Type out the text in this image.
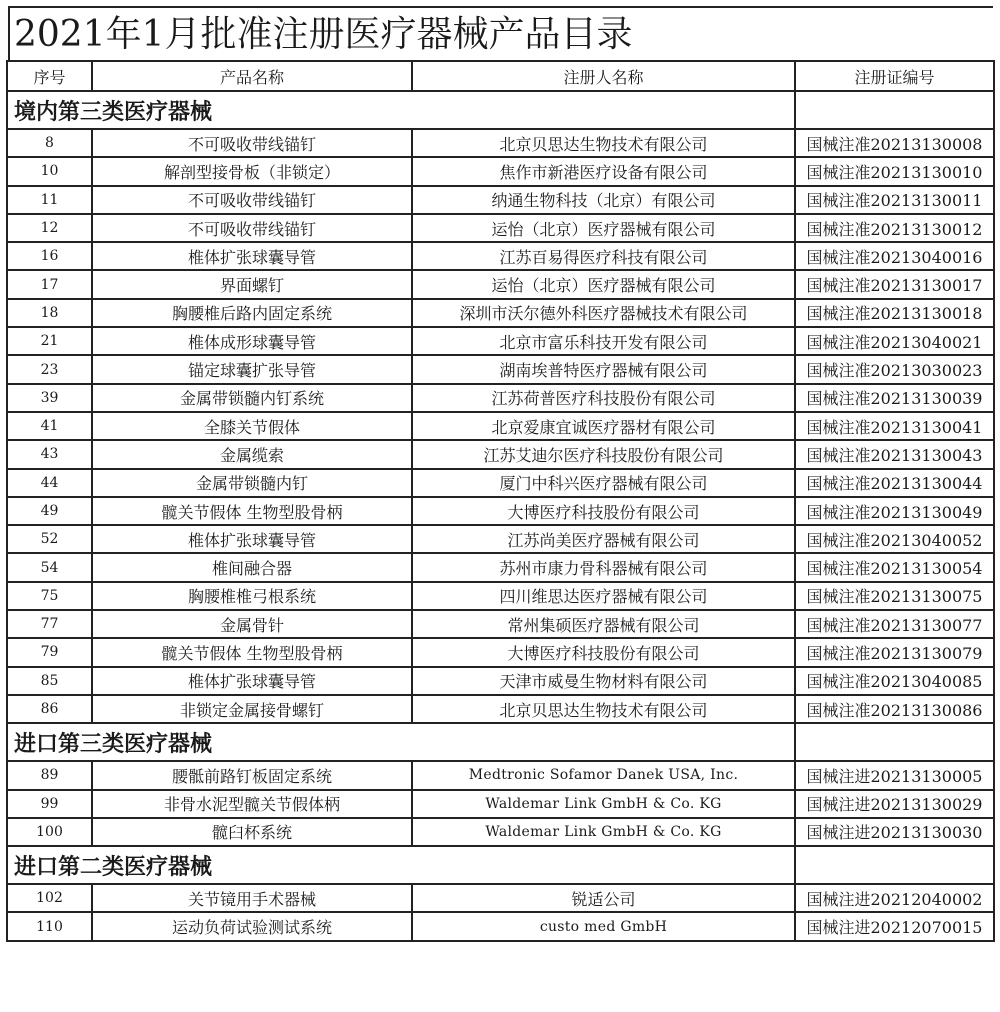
2021年1月批准注册医疗器械产品目录
序号	产品名称	注册人名称	注册证编号
境内第三类医疗器械			
8	不可吸收带线锚钉	北京贝思达生物技术有限公司	国械注准20213130008
10	解剖型接骨板（非锁定）	焦作市新港医疗设备有限公司	国械注准20213130010
11	不可吸收带线锚钉	纳通生物科技（北京）有限公司	国械注准20213130011
12	不可吸收带线锚钉	运怡（北京）医疗器械有限公司	国械注准20213130012
16	椎体扩张球囊导管	江苏百易得医疗科技有限公司	国械注准20213040016
17	界面螺钉	运怡（北京）医疗器械有限公司	国械注准20213130017
18	胸腰椎后路内固定系统	深圳市沃尔德外科医疗器械技术有限公司	国械注准20213130018
21	椎体成形球囊导管	北京市富乐科技开发有限公司	国械注准20213040021
23	锚定球囊扩张导管	湖南埃普特医疗器械有限公司	国械注准20213030023
39	金属带锁髓内钉系统	江苏荷普医疗科技股份有限公司	国械注准20213130039
41	全膝关节假体	北京爱康宜诚医疗器材有限公司	国械注准20213130041
43	金属缆索	江苏艾迪尔医疗科技股份有限公司	国械注准20213130043
44	金属带锁髓内钉	厦门中科兴医疗器械有限公司	国械注准20213130044
49	髋关节假体 生物型股骨柄	大博医疗科技股份有限公司	国械注准20213130049
52	椎体扩张球囊导管	江苏尚美医疗器械有限公司	国械注准20213040052
54	椎间融合器	苏州市康力骨科器械有限公司	国械注准20213130054
75	胸腰椎椎弓根系统	四川维思达医疗器械有限公司	国械注准20213130075
77	金属骨针	常州集硕医疗器械有限公司	国械注准20213130077
79	髋关节假体 生物型股骨柄	大博医疗科技股份有限公司	国械注准20213130079
85	椎体扩张球囊导管	天津市威曼生物材料有限公司	国械注准20213040085
86	非锁定金属接骨螺钉	北京贝思达生物技术有限公司	国械注准20213130086
进口第三类医疗器械			
89	腰骶前路钉板固定系统	Medtronic Sofamor Danek USA, Inc.	国械注进20213130005
99	非骨水泥型髋关节假体柄	Waldemar Link GmbH & Co. KG	国械注进20213130029
100	髋臼杯系统	Waldemar Link GmbH & Co. KG	国械注进20213130030
进口第二类医疗器械			
102	关节镜用手术器械	锐适公司	国械注进20212040002
110	运动负荷试验测试系统	custo med GmbH	国械注进20212070015
